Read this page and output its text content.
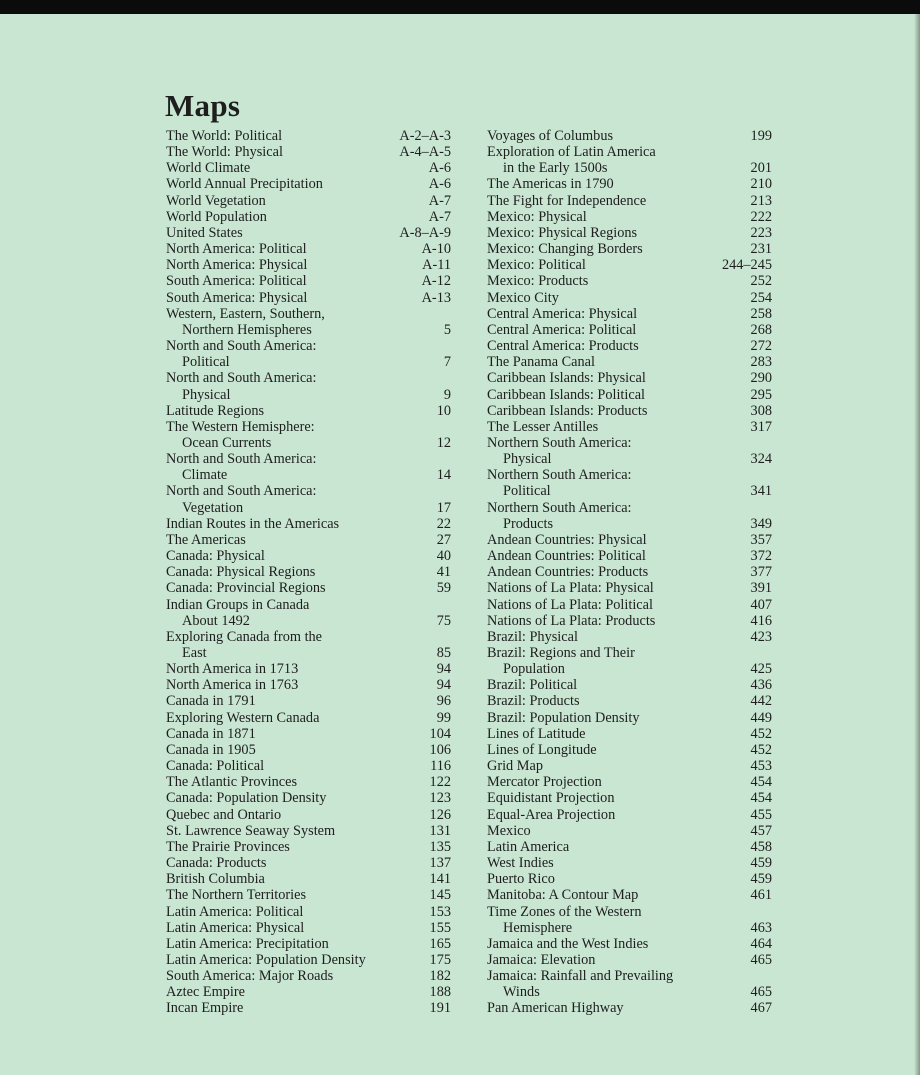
Maps
The World: Political	A-2–A-3
The World: Physical	A-4–A-5
World Climate	A-6
World Annual Precipitation	A-6
World Vegetation	A-7
World Population	A-7
United States	A-8–A-9
North America: Political	A-10
North America: Physical	A-11
South America: Political	A-12
South America: Physical	A-13
Western, Eastern, Southern,
Northern Hemispheres	5
North and South America:
Political	7
North and South America:
Physical	9
Latitude Regions	10
The Western Hemisphere:
Ocean Currents	12
North and South America:
Climate	14
North and South America:
Vegetation	17
Indian Routes in the Americas	22
The Americas	27
Canada: Physical	40
Canada: Physical Regions	41
Canada: Provincial Regions	59
Indian Groups in Canada
About 1492	75
Exploring Canada from the
East	85
North America in 1713	94
North America in 1763	94
Canada in 1791	96
Exploring Western Canada	99
Canada in 1871	104
Canada in 1905	106
Canada: Political	116
The Atlantic Provinces	122
Canada: Population Density	123
Quebec and Ontario	126
St. Lawrence Seaway System	131
The Prairie Provinces	135
Canada: Products	137
British Columbia	141
The Northern Territories	145
Latin America: Political	153
Latin America: Physical	155
Latin America: Precipitation	165
Latin America: Population Density	175
South America: Major Roads	182
Aztec Empire	188
Incan Empire	191
Voyages of Columbus	199
Exploration of Latin America
in the Early 1500s	201
The Americas in 1790	210
The Fight for Independence	213
Mexico: Physical	222
Mexico: Physical Regions	223
Mexico: Changing Borders	231
Mexico: Political	244–245
Mexico: Products	252
Mexico City	254
Central America: Physical	258
Central America: Political	268
Central America: Products	272
The Panama Canal	283
Caribbean Islands: Physical	290
Caribbean Islands: Political	295
Caribbean Islands: Products	308
The Lesser Antilles	317
Northern South America:
Physical	324
Northern South America:
Political	341
Northern South America:
Products	349
Andean Countries: Physical	357
Andean Countries: Political	372
Andean Countries: Products	377
Nations of La Plata: Physical	391
Nations of La Plata: Political	407
Nations of La Plata: Products	416
Brazil: Physical	423
Brazil: Regions and Their
Population	425
Brazil: Political	436
Brazil: Products	442
Brazil: Population Density	449
Lines of Latitude	452
Lines of Longitude	452
Grid Map	453
Mercator Projection	454
Equidistant Projection	454
Equal-Area Projection	455
Mexico	457
Latin America	458
West Indies	459
Puerto Rico	459
Manitoba: A Contour Map	461
Time Zones of the Western
Hemisphere	463
Jamaica and the West Indies	464
Jamaica: Elevation	465
Jamaica: Rainfall and Prevailing
Winds	465
Pan American Highway	467
